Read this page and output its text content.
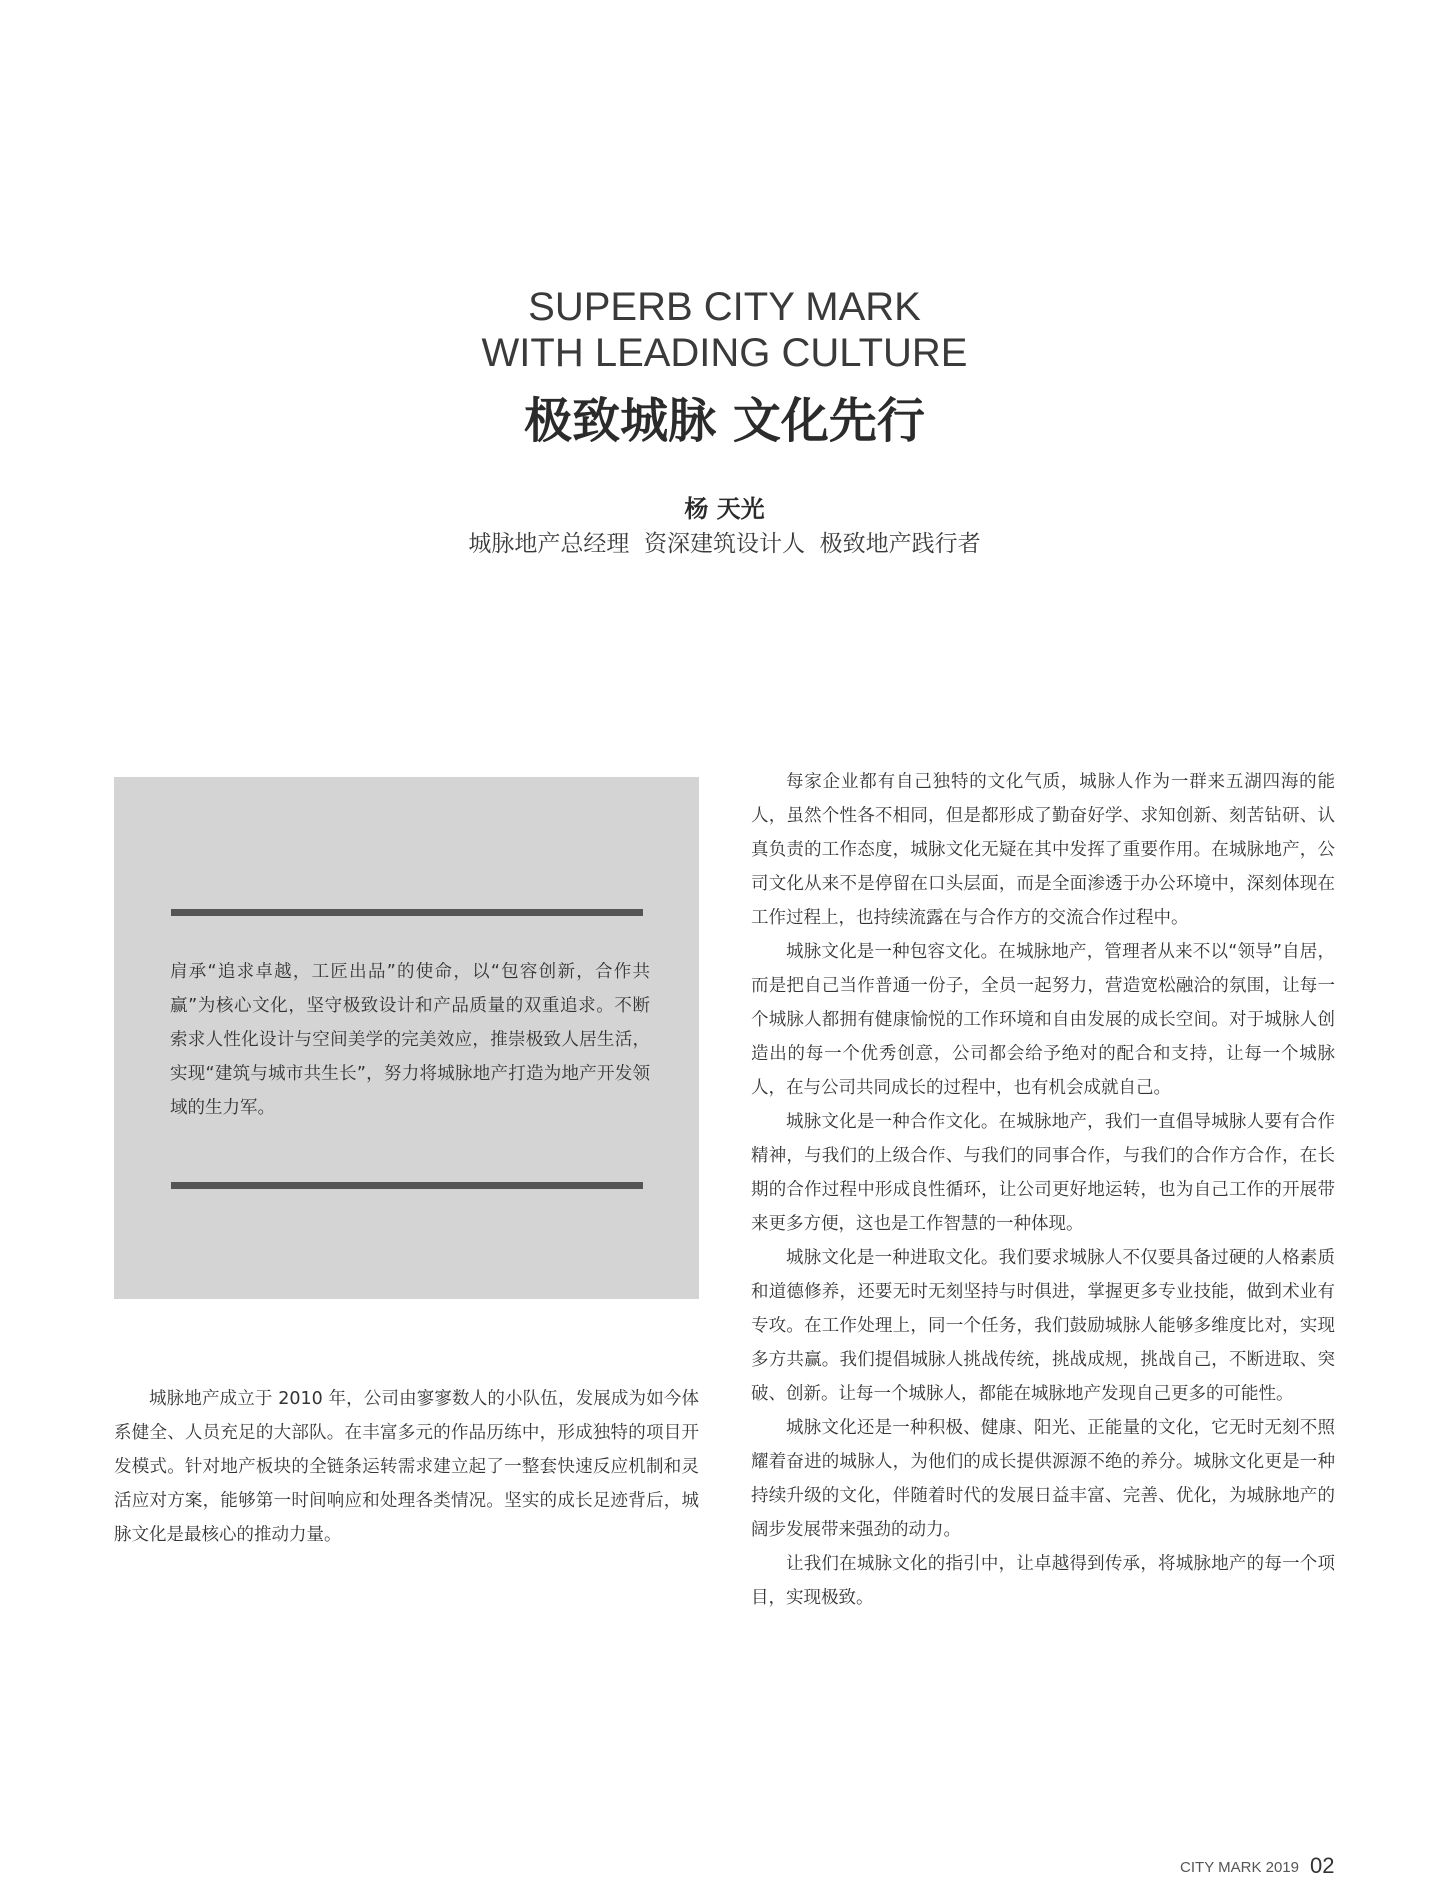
SUPERB CITY MARK
WITH LEADING CULTURE
极致城脉 文化先行
杨 天光
城脉地产总经理  资深建筑设计人  极致地产践行者
肩承“追求卓越，工匠出品”的使命，以“包容创新，合作共赢”为核心文化，坚守极致设计和产品质量的双重追求。不断索求人性化设计与空间美学的完美效应，推崇极致人居生活，实现“建筑与城市共生长”，努力将城脉地产打造为地产开发领域的生力军。

城脉地产成立于 2010 年，公司由寥寥数人的小队伍，发展成为如今体系健全、人员充足的大部队。在丰富多元的作品历练中，形成独特的项目开发模式。针对地产板块的全链条运转需求建立起了一整套快速反应机制和灵活应对方案，能够第一时间响应和处理各类情况。坚实的成长足迹背后，城脉文化是最核心的推动力量。

每家企业都有自己独特的文化气质，城脉人作为一群来五湖四海的能人，虽然个性各不相同，但是都形成了勤奋好学、求知创新、刻苦钻研、认真负责的工作态度，城脉文化无疑在其中发挥了重要作用。在城脉地产，公司文化从来不是停留在口头层面，而是全面渗透于办公环境中，深刻体现在工作过程上，也持续流露在与合作方的交流合作过程中。

城脉文化是一种包容文化。在城脉地产，管理者从来不以“领导”自居，而是把自己当作普通一份子，全员一起努力，营造宽松融洽的氛围，让每一个城脉人都拥有健康愉悦的工作环境和自由发展的成长空间。对于城脉人创造出的每一个优秀创意，公司都会给予绝对的配合和支持，让每一个城脉人，在与公司共同成长的过程中，也有机会成就自己。

城脉文化是一种合作文化。在城脉地产，我们一直倡导城脉人要有合作精神，与我们的上级合作、与我们的同事合作，与我们的合作方合作，在长期的合作过程中形成良性循环，让公司更好地运转，也为自己工作的开展带来更多方便，这也是工作智慧的一种体现。

城脉文化是一种进取文化。我们要求城脉人不仅要具备过硬的人格素质和道德修养，还要无时无刻坚持与时俱进，掌握更多专业技能，做到术业有专攻。在工作处理上，同一个任务，我们鼓励城脉人能够多维度比对，实现多方共赢。我们提倡城脉人挑战传统，挑战成规，挑战自己，不断进取、突破、创新。让每一个城脉人，都能在城脉地产发现自己更多的可能性。

城脉文化还是一种积极、健康、阳光、正能量的文化，它无时无刻不照耀着奋进的城脉人，为他们的成长提供源源不绝的养分。城脉文化更是一种持续升级的文化，伴随着时代的发展日益丰富、完善、优化，为城脉地产的阔步发展带来强劲的动力。

让我们在城脉文化的指引中，让卓越得到传承，将城脉地产的每一个项目，实现极致。

CITY MARK 2019 02
